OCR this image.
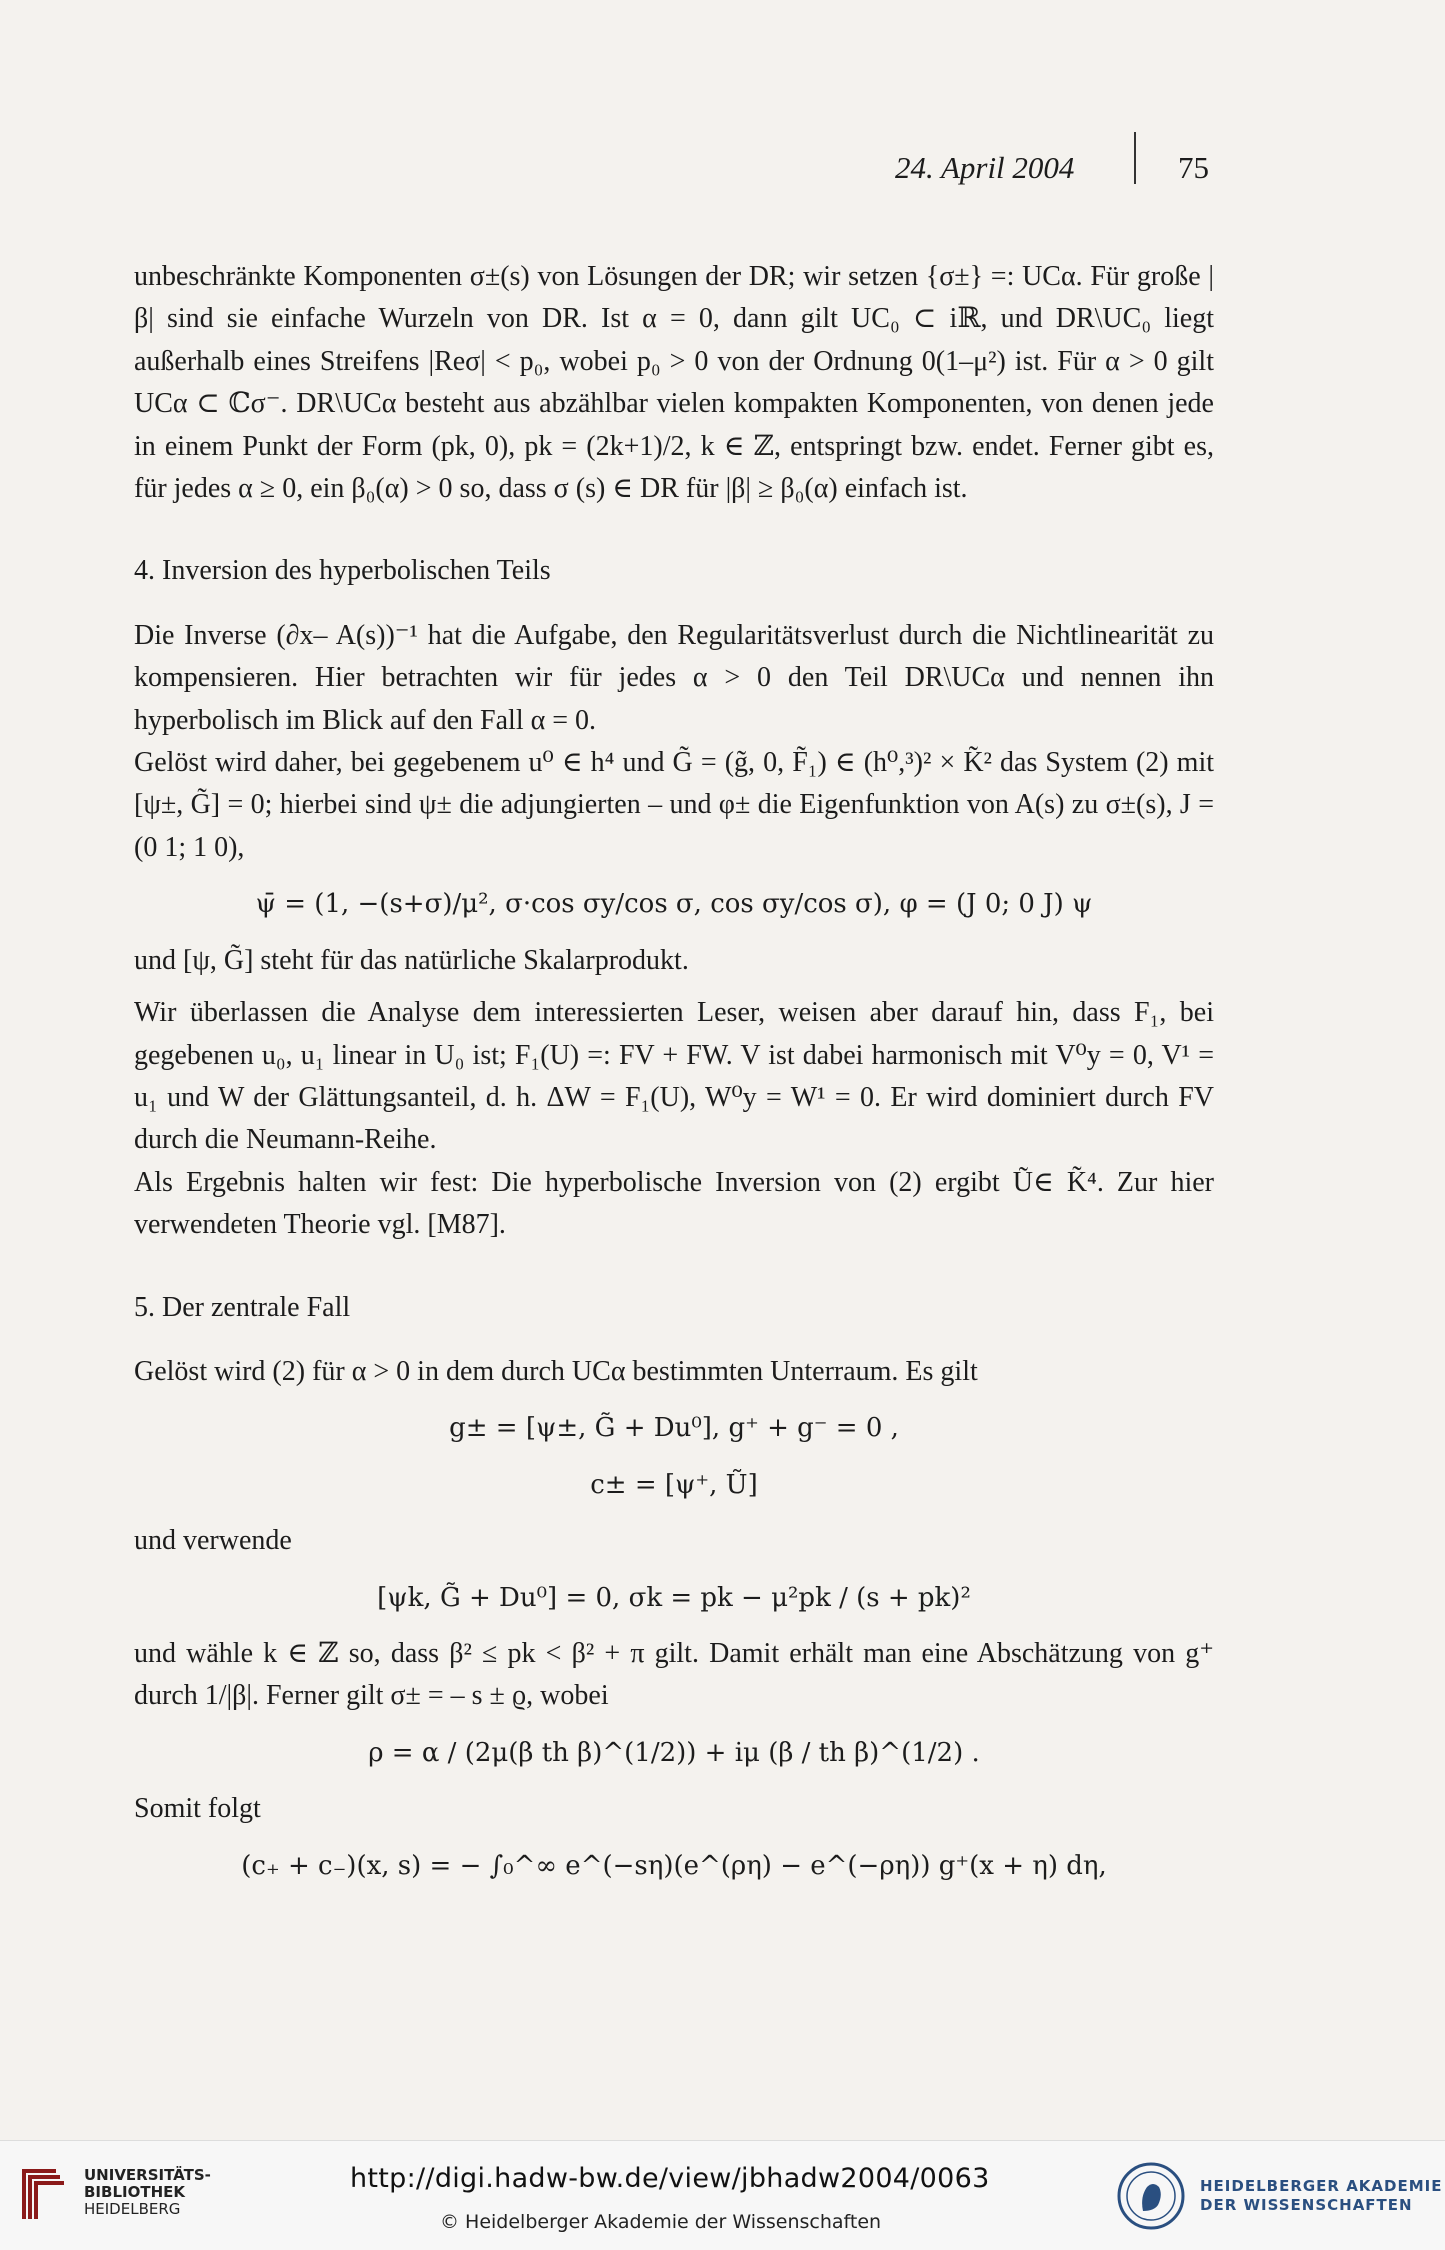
24. April 2004	75

unbeschränkte Komponenten σ±(s) von Lösungen der DR; wir setzen {σ±} =: UCα. Für große |β| sind sie einfache Wurzeln von DR. Ist α = 0, dann gilt UC₀ ⊂ iℝ, und DR\UC₀ liegt außerhalb eines Streifens |Reσ| < p₀, wobei p₀ > 0 von der Ordnung 0(1–μ²) ist. Für α > 0 gilt UCα ⊂ ℂσ⁻. DR\UCα besteht aus abzählbar vielen kompakten Komponenten, von denen jede in einem Punkt der Form (pk, 0), pk = (2k+1)/2, k ∈ ℤ, entspringt bzw. endet. Ferner gibt es, für jedes α ≥ 0, ein β₀(α) > 0 so, dass σ (s) ∈ DR für |β| ≥ β₀(α) einfach ist.

4. Inversion des hyperbolischen Teils

Die Inverse (∂x– A(s))⁻¹ hat die Aufgabe, den Regularitätsverlust durch die Nichtlinearität zu kompensieren. Hier betrachten wir für jedes α > 0 den Teil DR\UCα und nennen ihn hyperbolisch im Blick auf den Fall α = 0.

Gelöst wird daher, bei gegebenem u⁰ ∈ h⁴ und G̃ = (g̃, 0, F̃₁) ∈ (h⁰,³)² × K̃² das System (2) mit [ψ±, G̃] = 0; hierbei sind ψ± die adjungierten – und φ± die Eigenfunktion von A(s) zu σ±(s), J = (0 1; 1 0),

ψ̄ = (1, −(s+σ)/μ², σ·cos σy/cos σ, cos σy/cos σ), φ = (J 0; 0 J) ψ

und [ψ, G̃] steht für das natürliche Skalarprodukt.

Wir überlassen die Analyse dem interessierten Leser, weisen aber darauf hin, dass F₁, bei gegebenen u₀, u₁ linear in U₀ ist; F₁(U) =: FV + FW. V ist dabei harmonisch mit V⁰y = 0, V¹ = u₁ und W der Glättungsanteil, d. h. ΔW = F₁(U), W⁰y = W¹ = 0. Er wird dominiert durch FV durch die Neumann-Reihe.

Als Ergebnis halten wir fest: Die hyperbolische Inversion von (2) ergibt Ũ∈ K̃⁴. Zur hier verwendeten Theorie vgl. [M87].

5. Der zentrale Fall

Gelöst wird (2) für α > 0 in dem durch UCα bestimmten Unterraum. Es gilt

g± = [ψ±, G̃ + Du⁰], g⁺ + g⁻ = 0 ,
c± = [ψ⁺, Ũ]

und verwende

[ψk, G̃ + Du⁰] = 0, σk = pk − μ²pk / (s + pk)²

und wähle k ∈ ℤ so, dass β² ≤ pk < β² + π gilt. Damit erhält man eine Abschätzung von g⁺ durch 1/|β|. Ferner gilt σ± = – s ± ϱ, wobei

ρ = α / (2μ(β th β)^(1/2)) + iμ (β / th β)^(1/2) .

Somit folgt

(c₊ + c₋)(x, s) = − ∫₀^∞ e^(−sη)(e^(ρη) − e^(−ρη)) g⁺(x + η) dη,
UNIVERSITÄTS-
BIBLIOTHEK
HEIDELBERG
http://digi.hadw-bw.de/view/jbhadw2004/0063
© Heidelberger Akademie der Wissenschaften
HEIDELBERGER AKADEMIE
DER WISSENSCHAFTEN
